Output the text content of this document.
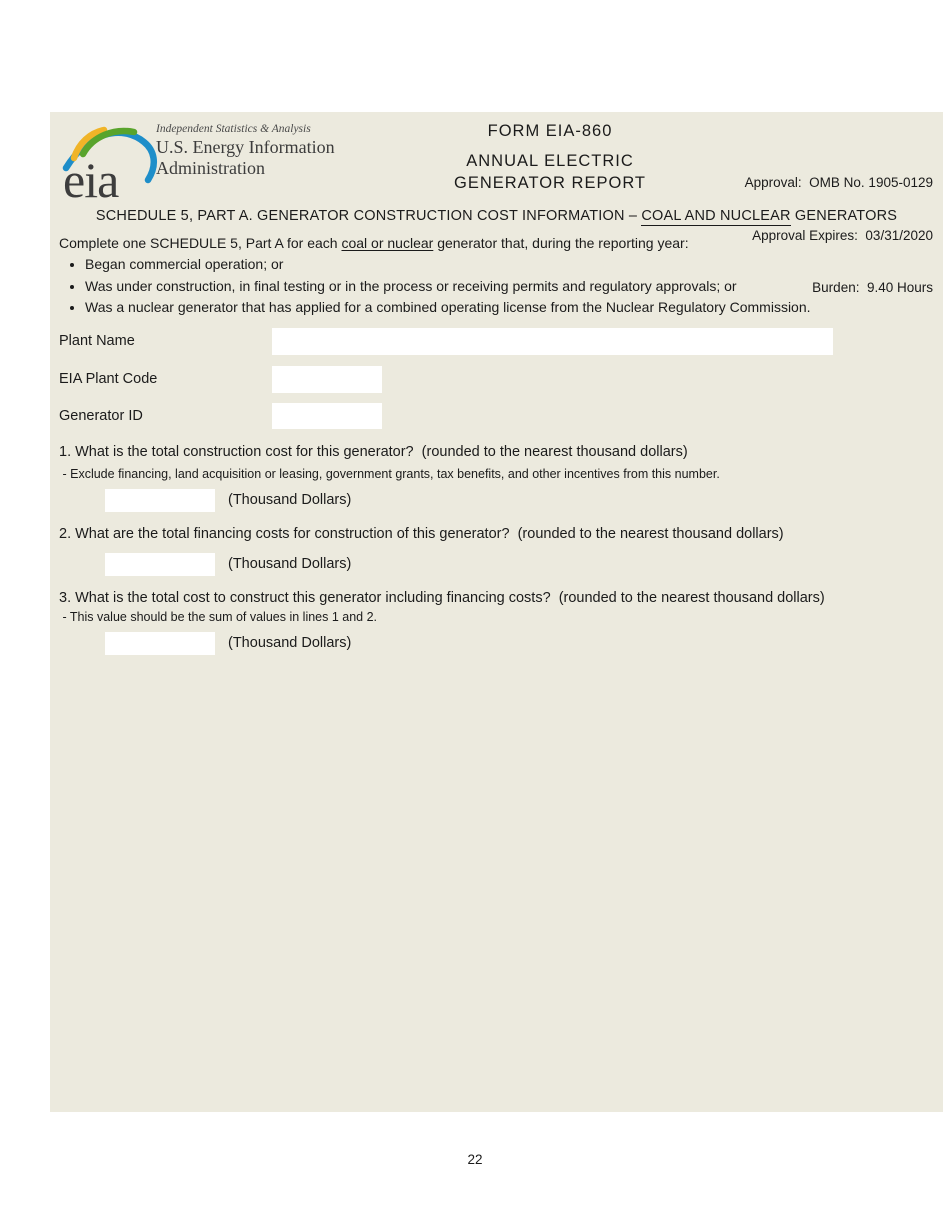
eia
Independent Statistics & Analysis
U.S. Energy Information
Administration
FORM EIA-860
ANNUAL ELECTRIC
GENERATOR REPORT

	Approval:  OMB No. 1905-0129

Approval Expires:  03/31/2020

Burden:  9.40 Hours

SCHEDULE 5, PART A. GENERATOR CONSTRUCTION COST INFORMATION – COAL AND NUCLEAR GENERATORS
Complete one SCHEDULE 5, Part A for each coal or nuclear generator that, during the reporting year:
• Began commercial operation; or
• Was under construction, in final testing or in the process or receiving permits and regulatory approvals; or
• Was a nuclear generator that has applied for a combined operating license from the Nuclear Regulatory Commission.
Plant Name
EIA Plant Code
Generator ID
1. What is the total construction cost for this generator?  (rounded to the nearest thousand dollars)
- Exclude financing, land acquisition or leasing, government grants, tax benefits, and other incentives from this number.
(Thousand Dollars)
2. What are the total financing costs for construction of this generator?  (rounded to the nearest thousand dollars)
(Thousand Dollars)
3. What is the total cost to construct this generator including financing costs?  (rounded to the nearest thousand dollars)
- This value should be the sum of values in lines 1 and 2.
(Thousand Dollars)
22
